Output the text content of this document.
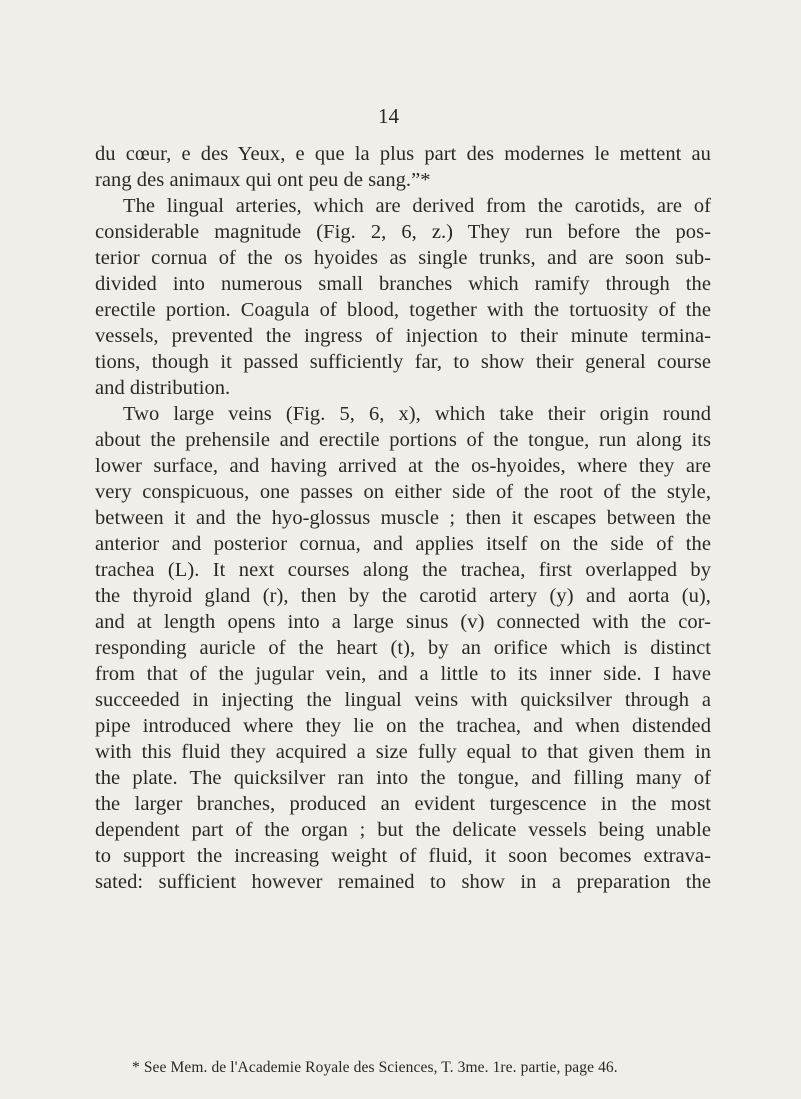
14
du cœur, e des Yeux, e que la plus part des modernes le mettent au
rang des animaux qui ont peu de sang.”*
The lingual arteries, which are derived from the carotids, are of
considerable magnitude (Fig. 2, 6, z.) They run before the pos-
terior cornua of the os hyoides as single trunks, and are soon sub-
divided into numerous small branches which ramify through the
erectile portion. Coagula of blood, together with the tortuosity of the
vessels, prevented the ingress of injection to their minute termina-
tions, though it passed sufficiently far, to show their general course
and distribution.
Two large veins (Fig. 5, 6, x), which take their origin round
about the prehensile and erectile portions of the tongue, run along its
lower surface, and having arrived at the os-hyoides, where they are
very conspicuous, one passes on either side of the root of the style,
between it and the hyo-glossus muscle ; then it escapes between the
anterior and posterior cornua, and applies itself on the side of the
trachea (L). It next courses along the trachea, first overlapped by
the thyroid gland (r), then by the carotid artery (y) and aorta (u),
and at length opens into a large sinus (v) connected with the cor-
responding auricle of the heart (t), by an orifice which is distinct
from that of the jugular vein, and a little to its inner side. I have
succeeded in injecting the lingual veins with quicksilver through a
pipe introduced where they lie on the trachea, and when distended
with this fluid they acquired a size fully equal to that given them in
the plate. The quicksilver ran into the tongue, and filling many of
the larger branches, produced an evident turgescence in the most
dependent part of the organ ; but the delicate vessels being unable
to support the increasing weight of fluid, it soon becomes extrava-
sated: sufficient however remained to show in a preparation the
* See Mem. de l'Academie Royale des Sciences, T. 3me. 1re. partie, page 46.
